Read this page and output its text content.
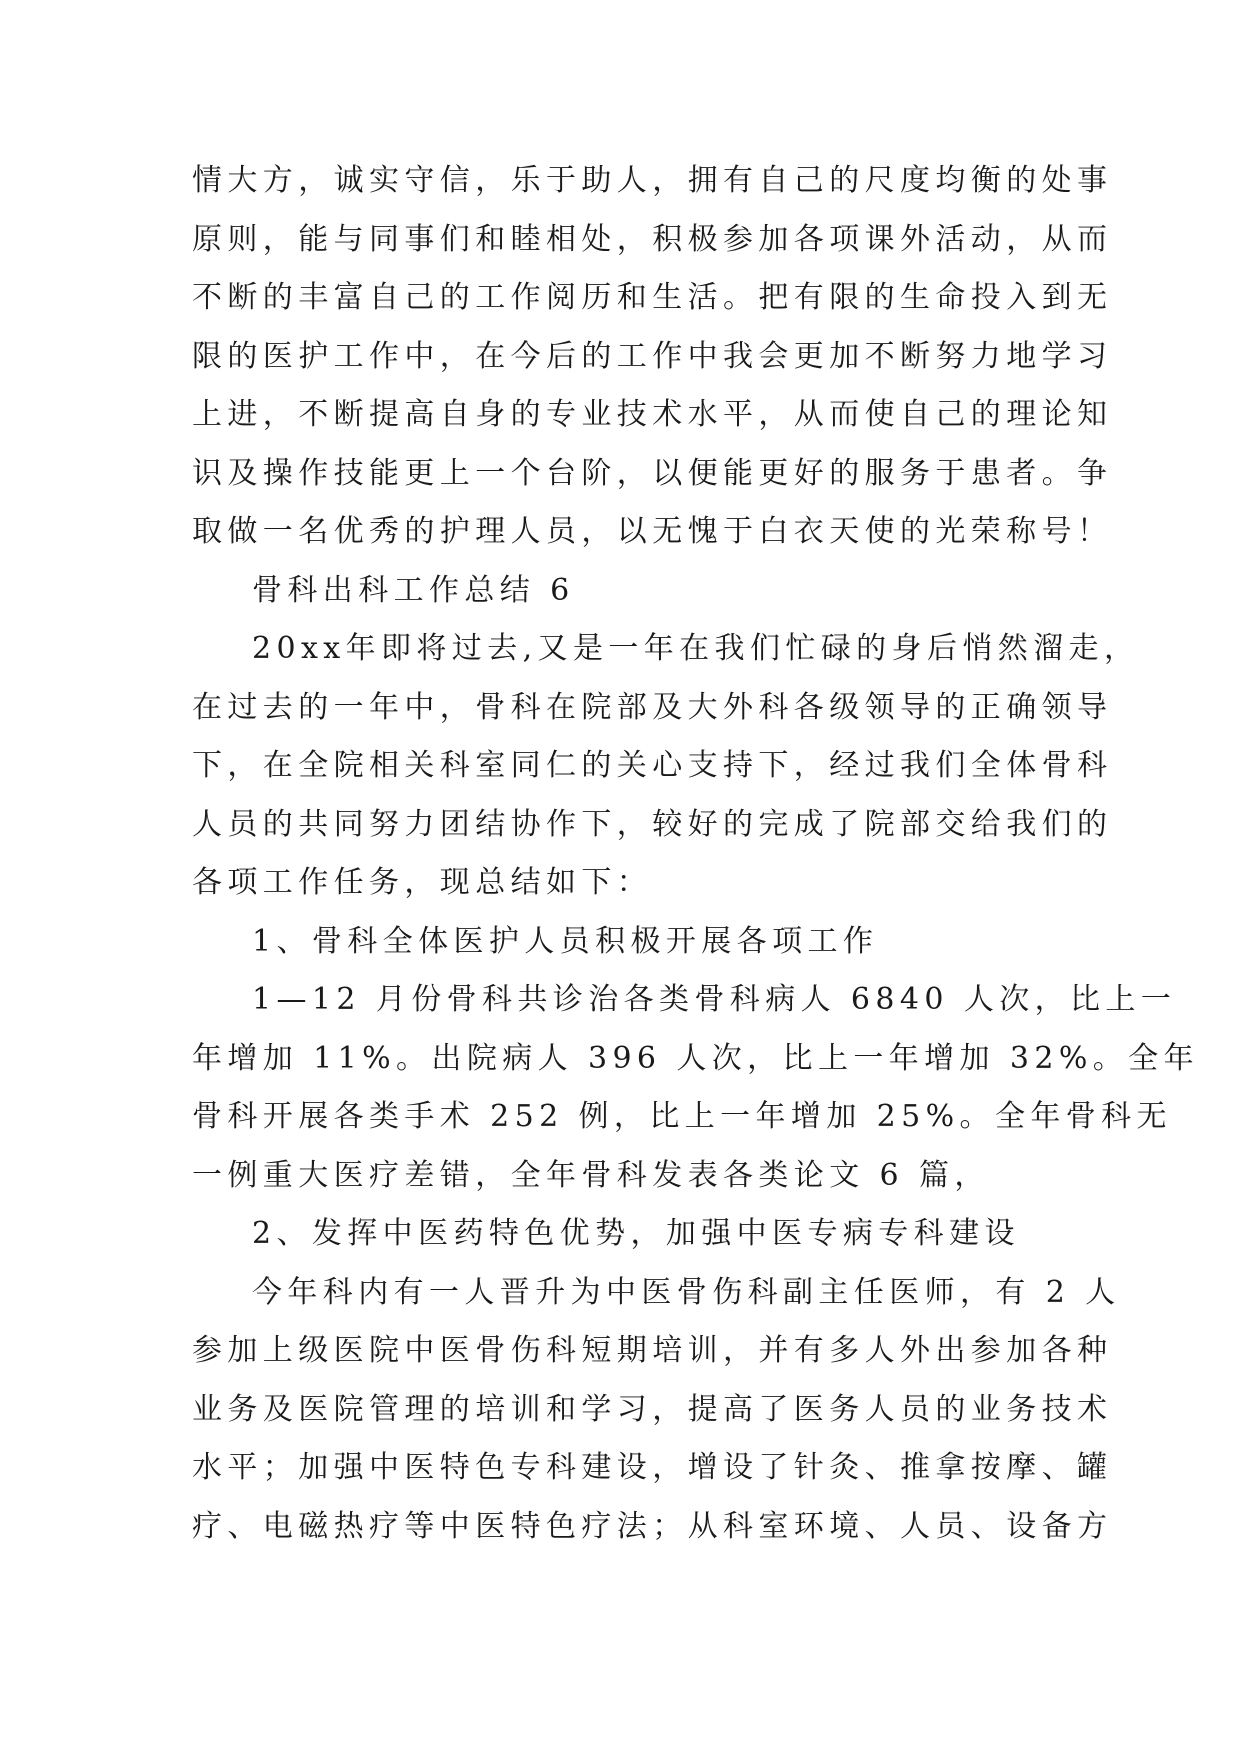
情大方，诚实守信，乐于助人，拥有自己的尺度均衡的处事
原则，能与同事们和睦相处，积极参加各项课外活动，从而
不断的丰富自己的工作阅历和生活。把有限的生命投入到无
限的医护工作中，在今后的工作中我会更加不断努力地学习
上进，不断提高自身的专业技术水平，从而使自己的理论知
识及操作技能更上一个台阶，以便能更好的服务于患者。争
取做一名优秀的护理人员，以无愧于白衣天使的光荣称号！
骨科出科工作总结 6
20xx年即将过去,又是一年在我们忙碌的身后悄然溜走，
在过去的一年中，骨科在院部及大外科各级领导的正确领导
下，在全院相关科室同仁的关心支持下，经过我们全体骨科
人员的共同努力团结协作下，较好的完成了院部交给我们的
各项工作任务，现总结如下：
1、骨科全体医护人员积极开展各项工作
1—12 月份骨科共诊治各类骨科病人 6840 人次，比上一
年增加 11%。出院病人 396 人次，比上一年增加 32%。全年
骨科开展各类手术 252 例，比上一年增加 25%。全年骨科无
一例重大医疗差错，全年骨科发表各类论文 6 篇，
2、发挥中医药特色优势，加强中医专病专科建设
今年科内有一人晋升为中医骨伤科副主任医师，有 2 人
参加上级医院中医骨伤科短期培训，并有多人外出参加各种
业务及医院管理的培训和学习，提高了医务人员的业务技术
水平；加强中医特色专科建设，增设了针灸、推拿按摩、罐
疗、电磁热疗等中医特色疗法；从科室环境、人员、设备方
